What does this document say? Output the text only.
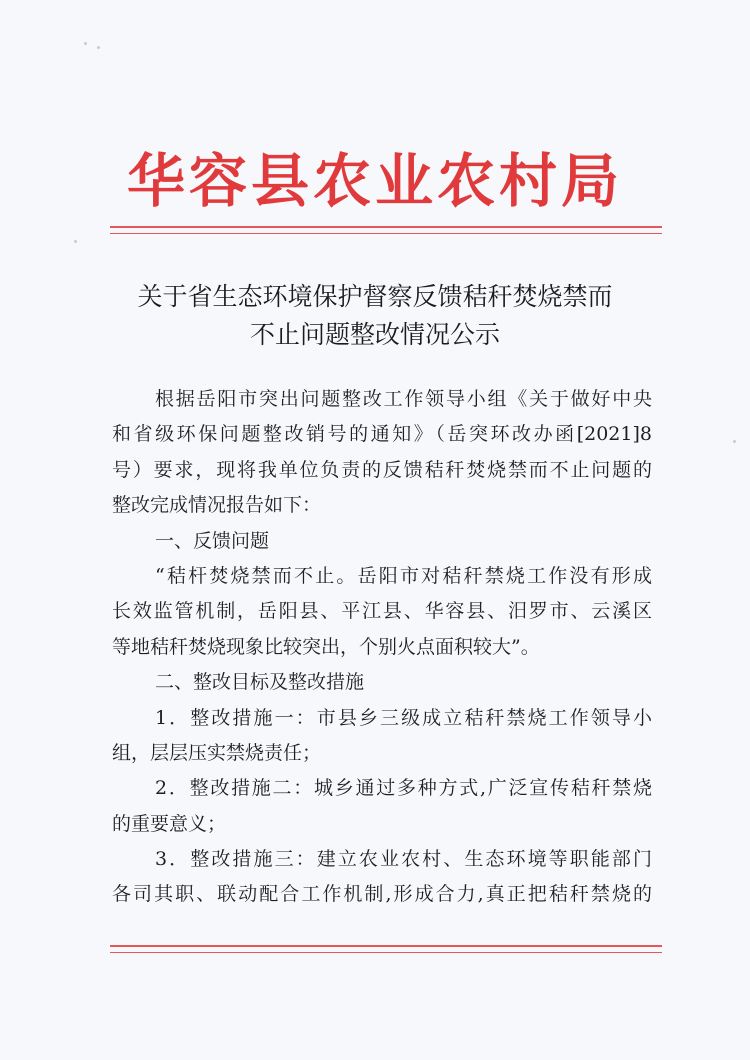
华容县农业农村局
关于省生态环境保护督察反馈秸秆焚烧禁而
不止问题整改情况公示
根据岳阳市突出问题整改工作领导小组《关于做好中央
和省级环保问题整改销号的通知》（岳突环改办函[2021]8
号）要求，现将我单位负责的反馈秸秆焚烧禁而不止问题的
整改完成情况报告如下：
一、反馈问题
“秸杆焚烧禁而不止。岳阳市对秸秆禁烧工作没有形成
长效监管机制，岳阳县、平江县、华容县、汨罗市、云溪区
等地秸秆焚烧现象比较突出，个别火点面积较大”。
二、整改目标及整改措施
1．整改措施一：市县乡三级成立秸秆禁烧工作领导小
组，层层压实禁烧责任；
2．整改措施二：城乡通过多种方式,广泛宣传秸秆禁烧
的重要意义；
3．整改措施三：建立农业农村、生态环境等职能部门
各司其职、联动配合工作机制,形成合力,真正把秸秆禁烧的
